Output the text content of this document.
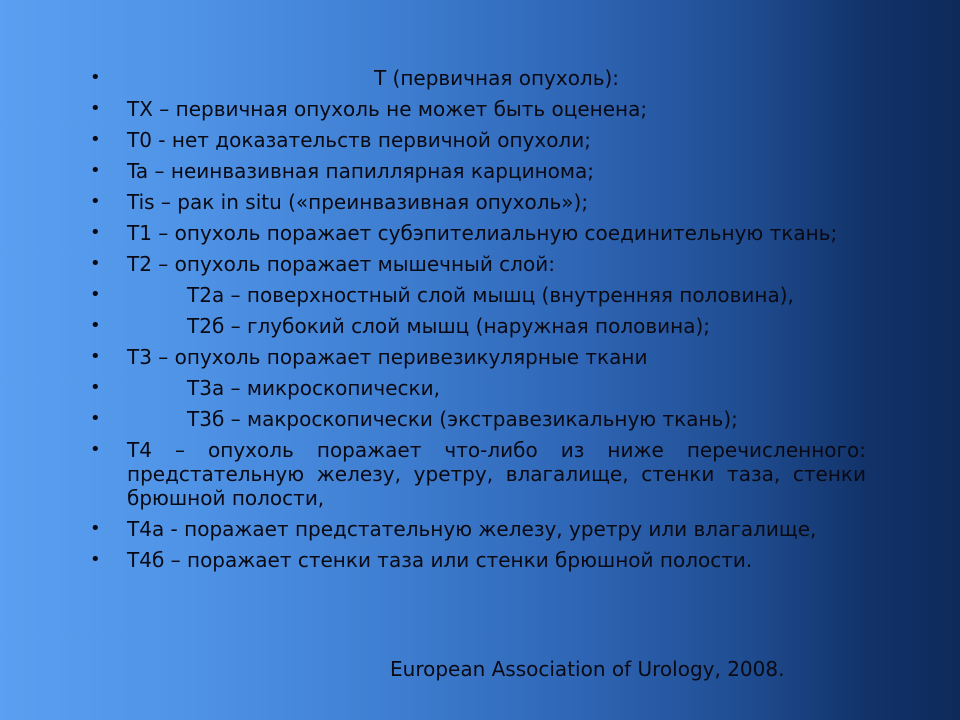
• T (первичная опухоль):
• TX – первичная опухоль не может быть оценена;
• T0 - нет доказательств первичной опухоли;
• Ta – неинвазивная папиллярная карцинома;
• Tis – рак in situ («преинвазивная опухоль»);
• T1 – опухоль поражает субэпителиальную соединительную ткань;
• T2 – опухоль поражает мышечный слой:
• T2a – поверхностный слой мышц (внутренняя половина),
• T2б – глубокий слой мышц (наружная половина);
• T3 – опухоль поражает перивезикулярные ткани
• T3a – микроскопически,
• T3б – макроскопически (экстравезикальную ткань);
• T4 – опухоль поражает что-либо из ниже перечисленного: предстательную железу, уретру, влагалище, стенки таза, стенки брюшной полости,
• T4a - поражает предстательную железу, уретру или влагалище,
• T4б – поражает стенки таза или стенки брюшной полости.
European Association of Urology, 2008.
